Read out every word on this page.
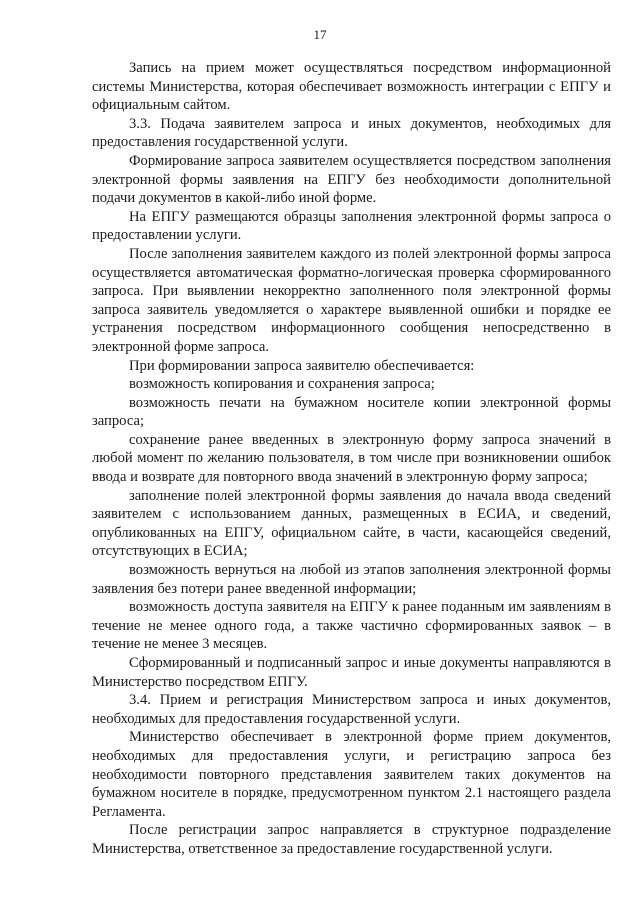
17

Запись на прием может осуществляться посредством информационной системы Министерства, которая обеспечивает возможность интеграции с ЕПГУ и официальным сайтом.

3.3. Подача заявителем запроса и иных документов, необходимых для предоставления государственной услуги.

Формирование запроса заявителем осуществляется посредством заполнения электронной формы заявления на ЕПГУ без необходимости дополнительной подачи документов в какой-либо иной форме.

На ЕПГУ размещаются образцы заполнения электронной формы запроса о предоставлении услуги.

После заполнения заявителем каждого из полей электронной формы запроса осуществляется автоматическая форматно-логическая проверка сформированного запроса. При выявлении некорректно заполненного поля электронной формы запроса заявитель уведомляется о характере выявленной ошибки и порядке ее устранения посредством информационного сообщения непосредственно в электронной форме запроса.

При формировании запроса заявителю обеспечивается:

возможность копирования и сохранения запроса;

возможность печати на бумажном носителе копии электронной формы запроса;

сохранение ранее введенных в электронную форму запроса значений в любой момент по желанию пользователя, в том числе при возникновении ошибок ввода и возврате для повторного ввода значений в электронную форму запроса;

заполнение полей электронной формы заявления до начала ввода сведений заявителем с использованием данных, размещенных в ЕСИА, и сведений, опубликованных на ЕПГУ, официальном сайте, в части, касающейся сведений, отсутствующих в ЕСИА;

возможность вернуться на любой из этапов заполнения электронной формы заявления без потери ранее введенной информации;

возможность доступа заявителя на ЕПГУ к ранее поданным им заявлениям в течение не менее одного года, а также частично сформированных заявок – в течение не менее 3 месяцев.

Сформированный и подписанный запрос и иные документы направляются в Министерство посредством ЕПГУ.

3.4. Прием и регистрация Министерством запроса и иных документов, необходимых для предоставления государственной услуги.

Министерство обеспечивает в электронной форме прием документов, необходимых для предоставления услуги, и регистрацию запроса без необходимости повторного представления заявителем таких документов на бумажном носителе в порядке, предусмотренном пунктом 2.1 настоящего раздела Регламента.

После регистрации запрос направляется в структурное подразделение Министерства, ответственное за предоставление государственной услуги.
